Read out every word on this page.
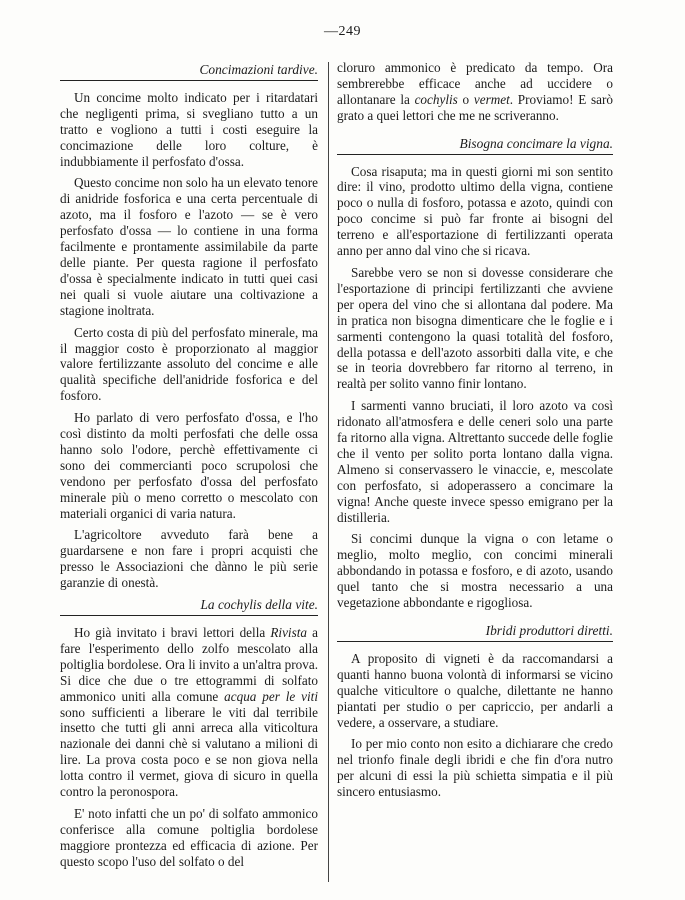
—249
Concimazioni tardive.

Un concime molto indicato per i ritardatari che negligenti prima, si svegliano tutto a un tratto e vogliono a tutti i costi eseguire la concimazione delle loro colture, è indubbiamente il perfosfato d'ossa.

Questo concime non solo ha un elevato tenore di anidride fosforica e una certa percentuale di azoto, ma il fosforo e l'azoto — se è vero perfosfato d'ossa — lo contiene in una forma facilmente e prontamente assimilabile da parte delle piante. Per questa ragione il perfosfato d'ossa è specialmente indicato in tutti quei casi nei quali si vuole aiutare una coltivazione a stagione inoltrata.

Certo costa di più del perfosfato minerale, ma il maggior costo è proporzionato al maggior valore fertilizzante assoluto del concime e alle qualità specifiche dell'anidride fosforica e del fosforo.

Ho parlato di vero perfosfato d'ossa, e l'ho così distinto da molti perfosfati che delle ossa hanno solo l'odore, perchè effettivamente ci sono dei commercianti poco scrupolosi che vendono per perfosfato d'ossa del perfosfato minerale più o meno corretto o mescolato con materiali organici di varia natura.

L'agricoltore avveduto farà bene a guardarsene e non fare i propri acquisti che presso le Associazioni che dànno le più serie garanzie di onestà.

La cochylis della vite.

Ho già invitato i bravi lettori della Rivista a fare l'esperimento dello zolfo mescolato alla poltiglia bordolese. Ora li invito a un'altra prova. Si dice che due o tre ettogrammi di solfato ammonico uniti alla comune acqua per le viti sono sufficienti a liberare le viti dal terribile insetto che tutti gli anni arreca alla viticoltura nazionale dei danni chè si valutano a milioni di lire. La prova costa poco e se non giova nella lotta contro il vermet, giova di sicuro in quella contro la peronospora.

E' noto infatti che un po' di solfato ammonico conferisce alla comune poltiglia bordolese maggiore prontezza ed efficacia di azione. Per questo scopo l'uso del solfato o del

cloruro ammonico è predicato da tempo. Ora sembrerebbe efficace anche ad uccidere o allontanare la cochylis o vermet. Proviamo! E sarò grato a quei lettori che me ne scriveranno.

Bisogna concimare la vigna.

Cosa risaputa; ma in questi giorni mi son sentito dire: il vino, prodotto ultimo della vigna, contiene poco o nulla di fosforo, potassa e azoto, quindi con poco concime si può far fronte ai bisogni del terreno e all'esportazione di fertilizzanti operata anno per anno dal vino che si ricava.

Sarebbe vero se non si dovesse considerare che l'esportazione di principi fertilizzanti che avviene per opera del vino che si allontana dal podere. Ma in pratica non bisogna dimenticare che le foglie e i sarmenti contengono la quasi totalità del fosforo, della potassa e dell'azoto assorbiti dalla vite, e che se in teoria dovrebbero far ritorno al terreno, in realtà per solito vanno finir lontano.

I sarmenti vanno bruciati, il loro azoto va così ridonato all'atmosfera e delle ceneri solo una parte fa ritorno alla vigna. Altrettanto succede delle foglie che il vento per solito porta lontano dalla vigna. Almeno si conservassero le vinaccie, e, mescolate con perfosfato, si adoperassero a concimare la vigna! Anche queste invece spesso emigrano per la distilleria.

Si concimi dunque la vigna o con letame o meglio, molto meglio, con concimi minerali abbondando in potassa e fosforo, e di azoto, usando quel tanto che si mostra necessario a una vegetazione abbondante e rigogliosa.

Ibridi produttori diretti.

A proposito di vigneti è da raccomandarsi a quanti hanno buona volontà di informarsi se vicino qualche viticultore o qualche, dilettante ne hanno piantati per studio o per capriccio, per andarli a vedere, a osservare, a studiare.

Io per mio conto non esito a dichiarare che credo nel trionfo finale degli ibridi e che fin d'ora nutro per alcuni di essi la più schietta simpatia e il più sincero entusiasmo.
